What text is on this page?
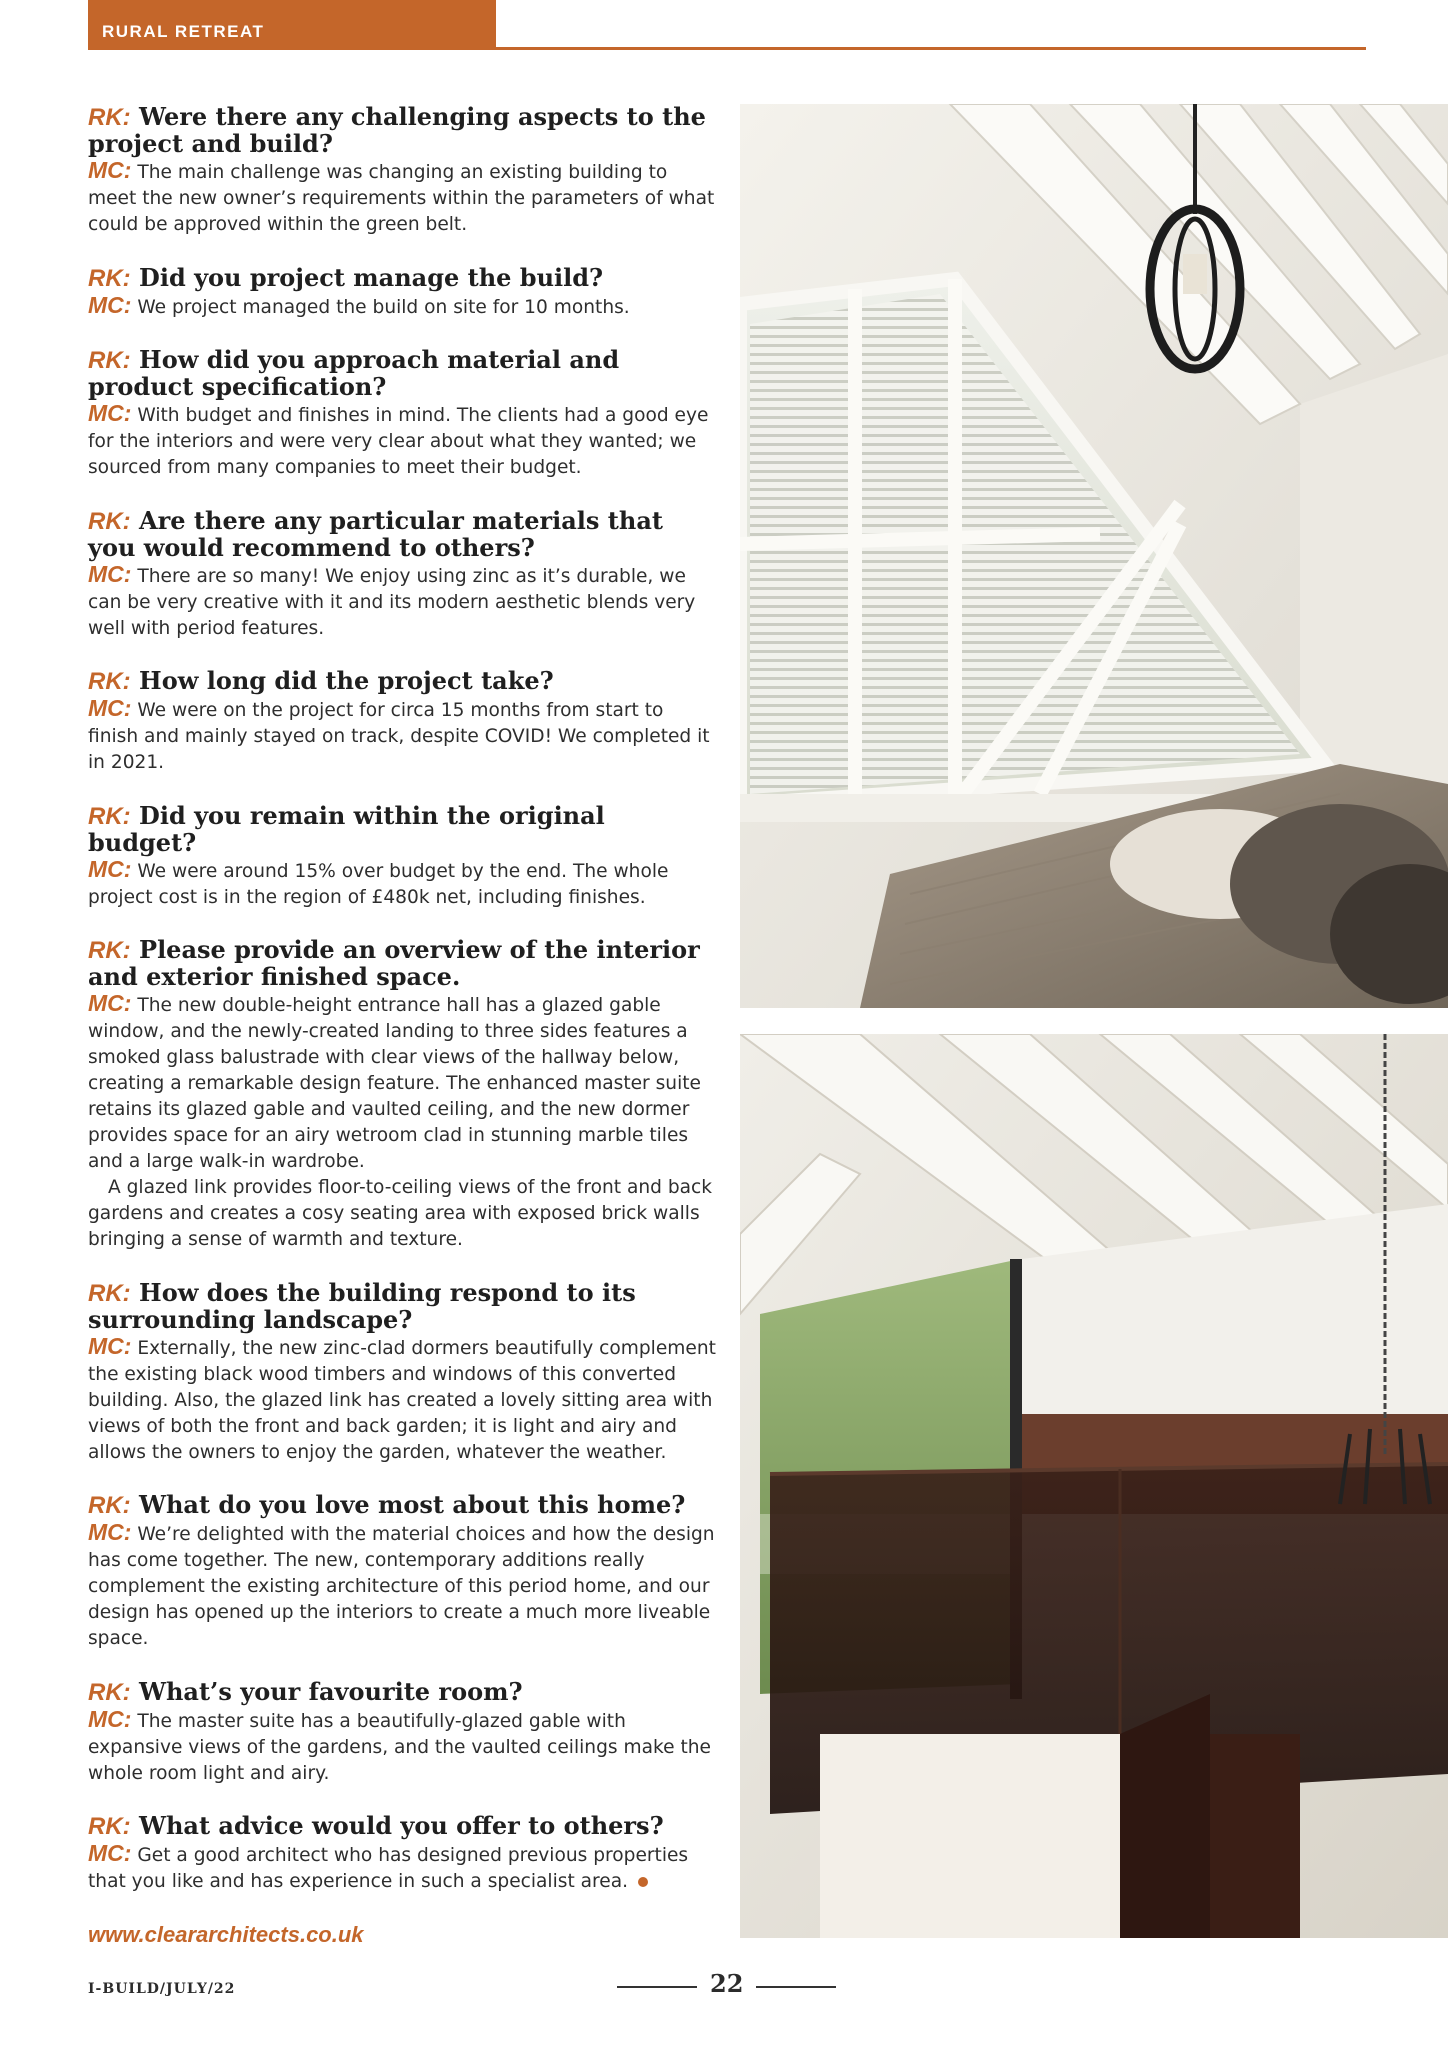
RURAL RETREAT
RK: Were there any challenging aspects to the project and build?
MC: The main challenge was changing an existing building to meet the new owner’s requirements within the parameters of what could be approved within the green belt.
RK: Did you project manage the build?
MC: We project managed the build on site for 10 months.
RK: How did you approach material and product specification?
MC: With budget and finishes in mind. The clients had a good eye for the interiors and were very clear about what they wanted; we sourced from many companies to meet their budget.
RK: Are there any particular materials that you would recommend to others?
MC: There are so many! We enjoy using zinc as it’s durable, we can be very creative with it and its modern aesthetic blends very well with period features.
RK: How long did the project take?
MC: We were on the project for circa 15 months from start to finish and mainly stayed on track, despite COVID! We completed it in 2021.
RK: Did you remain within the original budget?
MC: We were around 15% over budget by the end. The whole project cost is in the region of £480k net, including finishes.
RK: Please provide an overview of the interior and exterior finished space.
MC: The new double-height entrance hall has a glazed gable window, and the newly-created landing to three sides features a smoked glass balustrade with clear views of the hallway below, creating a remarkable design feature. The enhanced master suite retains its glazed gable and vaulted ceiling, and the new dormer provides space for an airy wetroom clad in stunning marble tiles and a large walk-in wardrobe.
A glazed link provides floor-to-ceiling views of the front and back gardens and creates a cosy seating area with exposed brick walls bringing a sense of warmth and texture.
RK: How does the building respond to its surrounding landscape?
MC: Externally, the new zinc-clad dormers beautifully complement the existing black wood timbers and windows of this converted building. Also, the glazed link has created a lovely sitting area with views of both the front and back garden; it is light and airy and allows the owners to enjoy the garden, whatever the weather.
RK: What do you love most about this home?
MC: We’re delighted with the material choices and how the design has come together. The new, contemporary additions really complement the existing architecture of this period home, and our design has opened up the interiors to create a much more liveable space.
RK: What’s your favourite room?
MC: The master suite has a beautifully-glazed gable with expansive views of the gardens, and the vaulted ceilings make the whole room light and airy.
RK: What advice would you offer to others?
MC: Get a good architect who has designed previous properties that you like and has experience in such a specialist area.
www.cleararchitects.co.uk
I-BUILD/JULY/22	22
